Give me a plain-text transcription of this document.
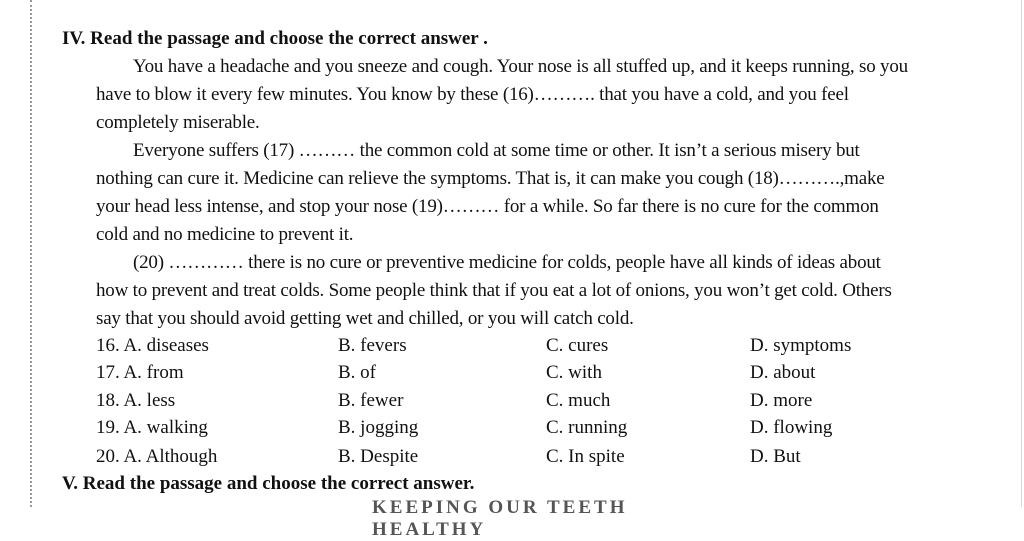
IV. Read the passage and choose the correct answer .
You have a headache and you sneeze and cough. Your nose is all stuffed up, and it keeps running, so you
have to blow it every few minutes. You know by these (16)………. that you have a cold, and you feel
completely miserable.
Everyone suffers (17) ……… the common cold at some time or other. It isn’t a serious misery but
nothing can cure it. Medicine can relieve the symptoms. That is, it can make you cough (18)……….,make
your head less intense, and stop your nose (19)……… for a while. So far there is no cure for the common
cold and no medicine to prevent it.
(20) ………… there is no cure or preventive medicine for colds, people have all kinds of ideas about
how to prevent and treat colds. Some people think that if you eat a lot of onions, you won’t get cold. Others
say that you should avoid getting wet and chilled, or you will catch cold.
16. A. diseases	B. fevers	C. cures	D. symptoms
17. A. from	B. of	C. with	D. about
18. A. less	B. fewer	C. much	D. more
19. A. walking	B. jogging	C. running	D. flowing
20. A. Although	B. Despite	C. In spite	D. But
V. Read the passage and choose the correct answer.
KEEPING OUR TEETH HEALTHY
